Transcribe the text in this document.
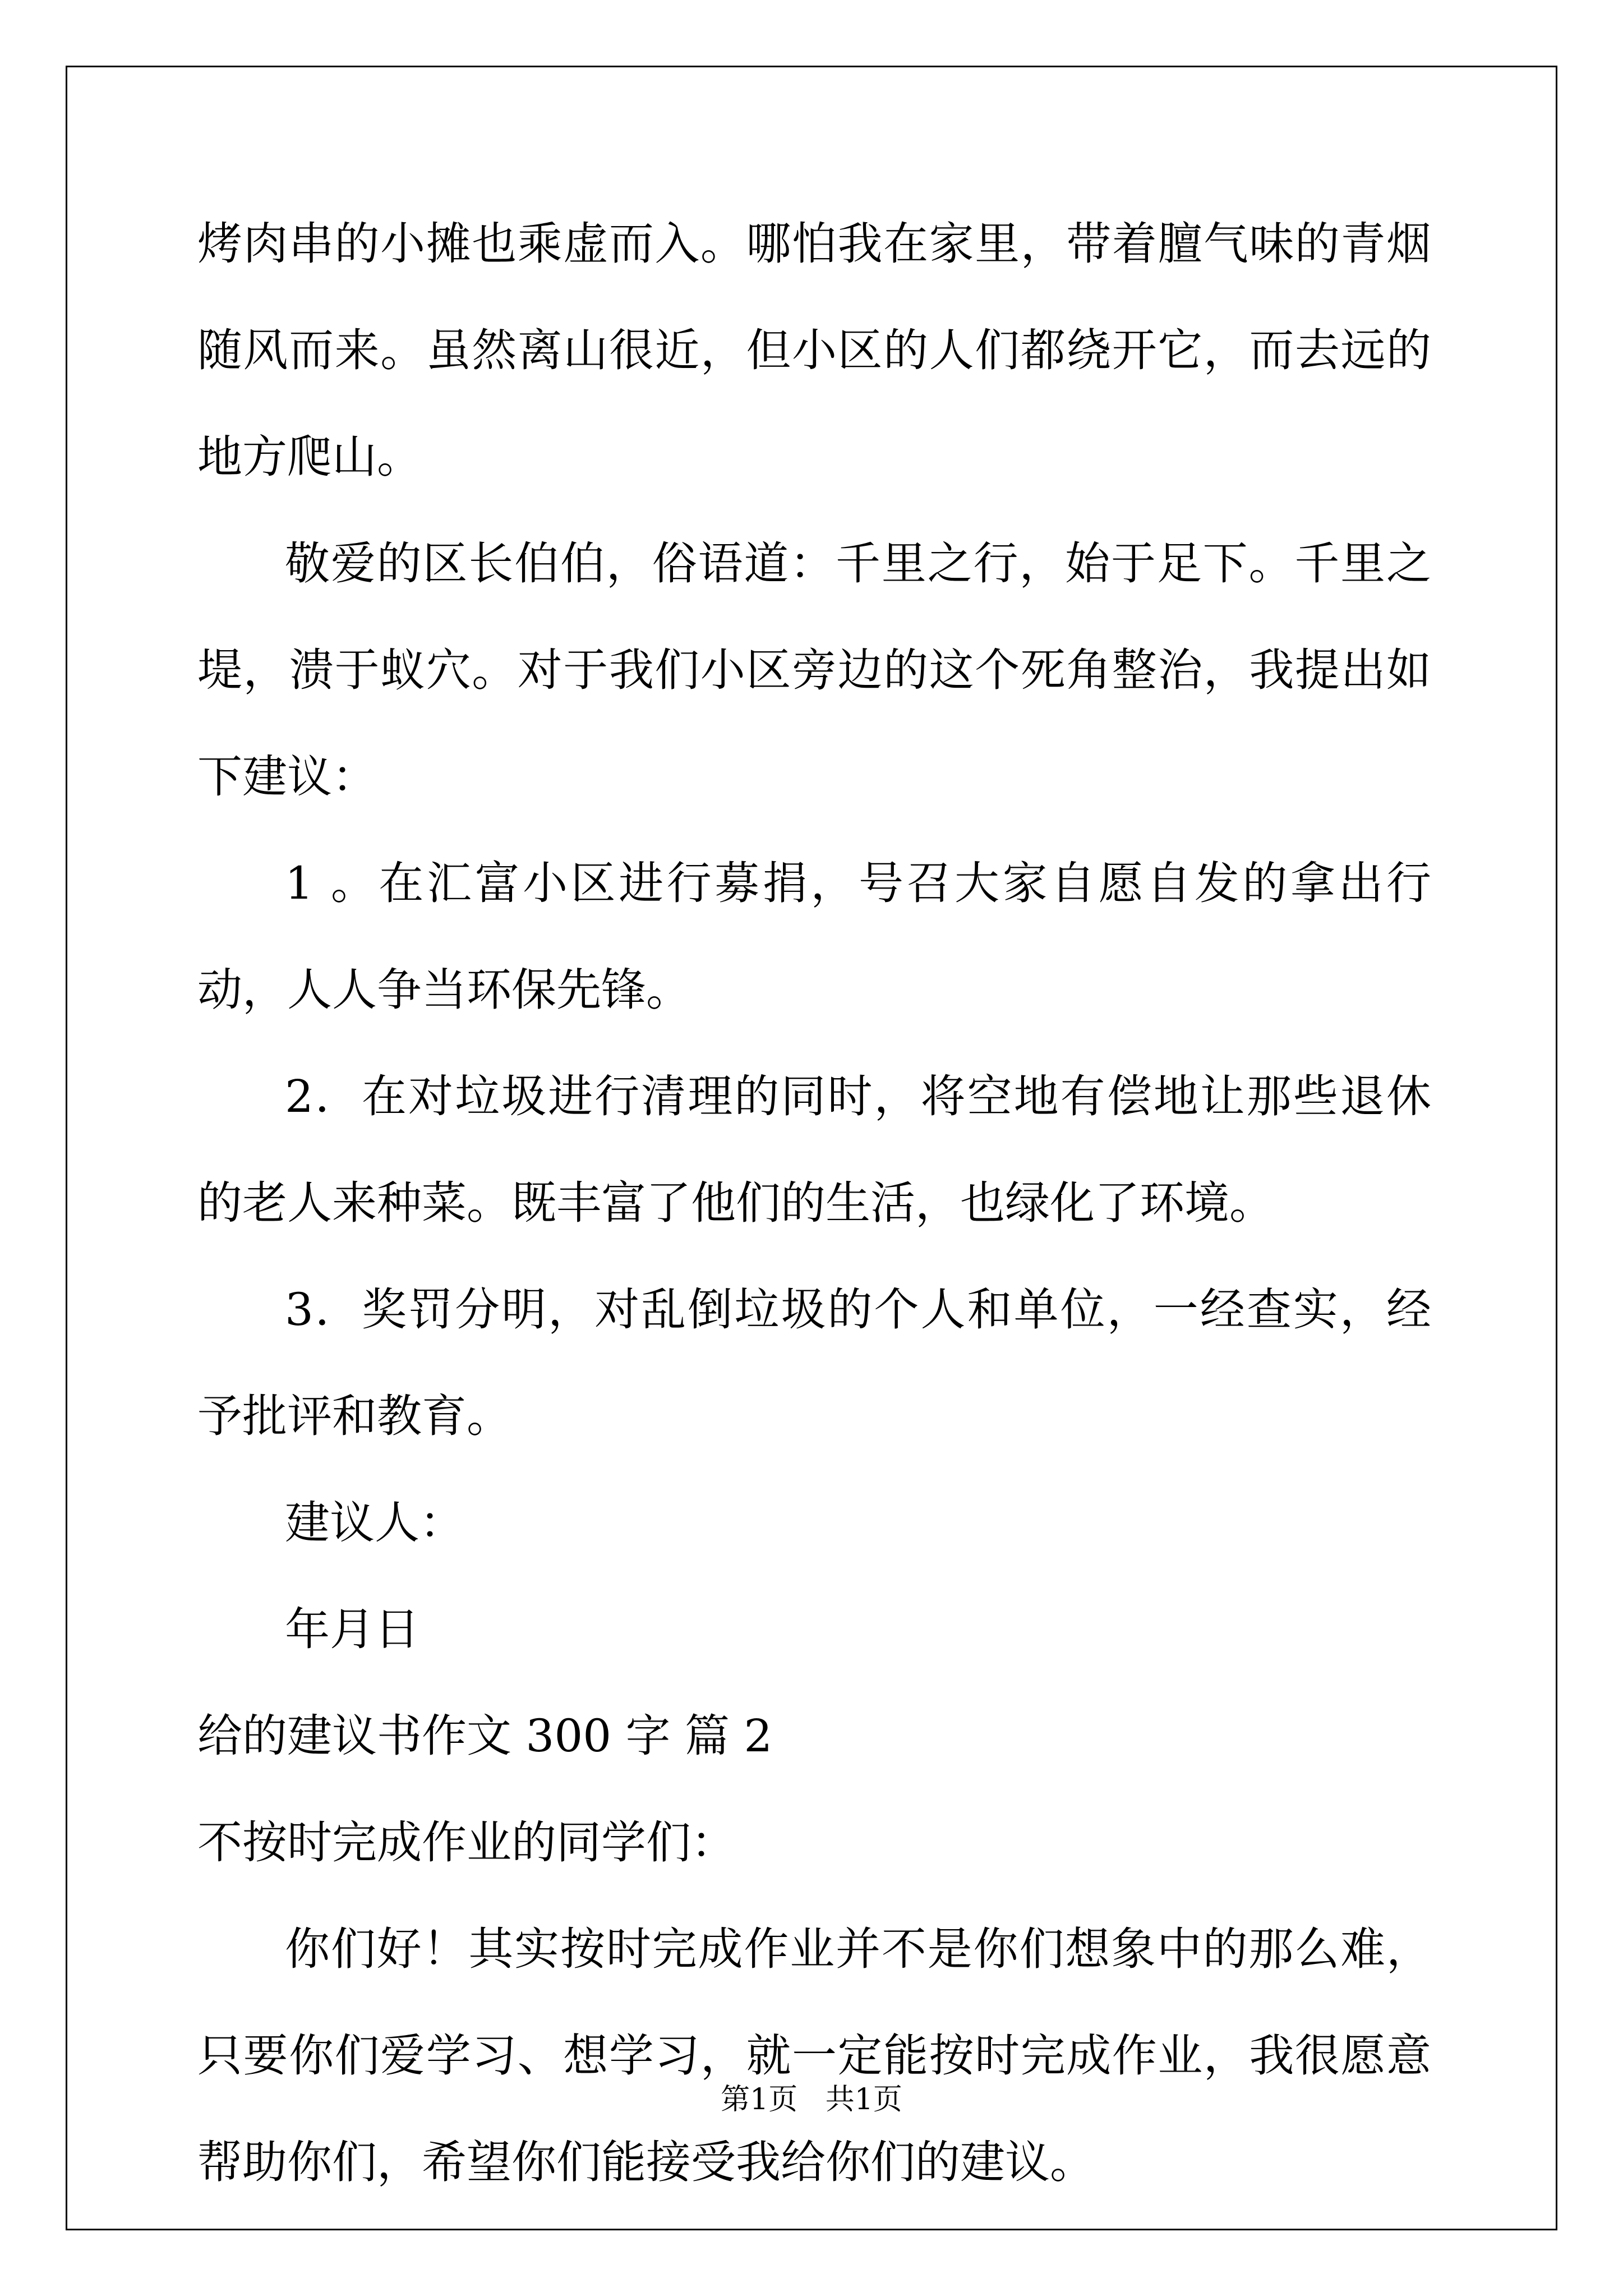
烤肉串的小摊也乘虚而入。哪怕我在家里，带着膻气味的青烟随风而来。虽然离山很近，但小区的人们都绕开它，而去远的地方爬山。

敬爱的区长伯伯，俗语道：千里之行，始于足下。千里之堤，溃于蚁穴。对于我们小区旁边的这个死角整治，我提出如下建议：

1 。在汇富小区进行募捐，号召大家自愿自发的拿出行动，人人争当环保先锋。

2．在对垃圾进行清理的同时，将空地有偿地让那些退休的老人来种菜。既丰富了他们的生活，也绿化了环境。

3．奖罚分明，对乱倒垃圾的个人和单位，一经查实，经予批评和教育。

建议人：

年月日

给的建议书作文 300 字 篇 2

不按时完成作业的同学们：

你们好！其实按时完成作业并不是你们想象中的那么难，只要你们爱学习、想学习，就一定能按时完成作业，我很愿意帮助你们，希望你们能接受我给你们的建议。

第1页   共1页
